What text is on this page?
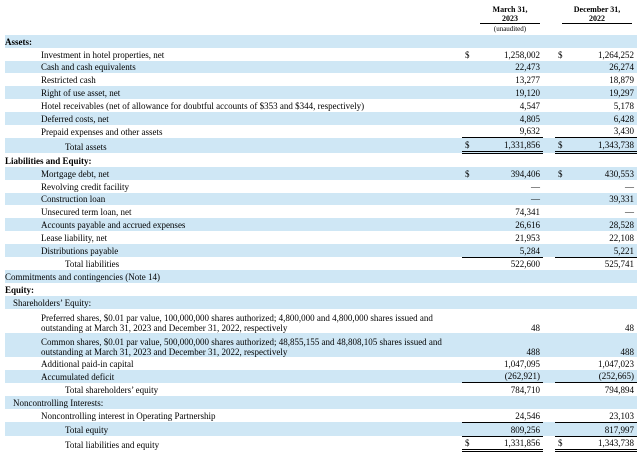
March 31,
2023
(unaudited)
December 31,
2022
Assets:					
Investment in hotel properties, net	$	1,258,002		$	1,264,252
Cash and cash equivalents		22,473			26,274
Restricted cash		13,277			18,879
Right of use asset, net		19,120			19,297
Hotel receivables (net of allowance for doubtful accounts of $353 and $344, respectively)		4,547			5,178
Deferred costs, net		4,805			6,428
Prepaid expenses and other assets		9,632			3,430
Total assets	$	1,331,856		$	1,343,738
Liabilities and Equity:					
Mortgage debt, net	$	394,406		$	430,553
Revolving credit facility		—			—
Construction loan		—			39,331
Unsecured term loan, net		74,341			—
Accounts payable and accrued expenses		26,616			28,528
Lease liability, net		21,953			22,108
Distributions payable		5,284			5,221
Total liabilities		522,600			525,741
Commitments and contingencies (Note 14)					
Equity:					
Shareholders’ Equity:					
Preferred shares, $0.01 par value, 100,000,000 shares authorized; 4,800,000 and 4,800,000 shares issued and outstanding at March 31, 2023 and December 31, 2022, respectively		48			48
Common shares, $0.01 par value, 500,000,000 shares authorized; 48,855,155 and 48,808,105 shares issued and outstanding at March 31, 2023 and December 31, 2022, respectively		488			488
Additional paid-in capital		1,047,095			1,047,023
Accumulated deficit		(262,921)			(252,665)
Total shareholders’ equity		784,710			794,894
Noncontrolling Interests:					
Noncontrolling interest in Operating Partnership		24,546			23,103
Total equity		809,256			817,997
Total liabilities and equity	$	1,331,856		$	1,343,738
